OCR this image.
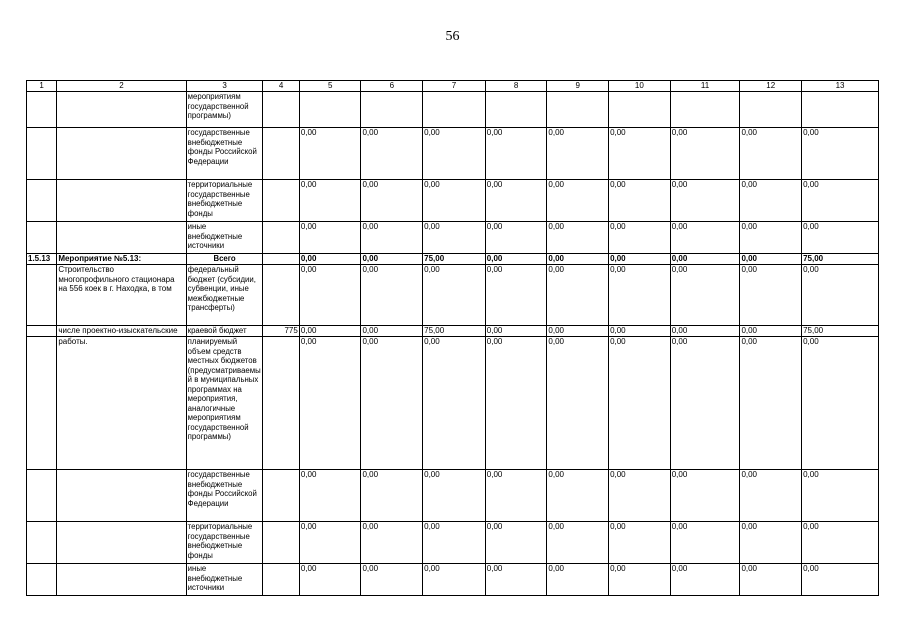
56
1	2	3	4	5	6	7	8	9	10	11	12	13
		мероприятиям государственной программы)										
		государственные внебюджетные фонды Российской Федерации		0,00	0,00	0,00	0,00	0,00	0,00	0,00	0,00	0,00
		территориальные государственные внебюджетные фонды		0,00	0,00	0,00	0,00	0,00	0,00	0,00	0,00	0,00
		иные внебюджетные источники		0,00	0,00	0,00	0,00	0,00	0,00	0,00	0,00	0,00
1.5.13	Мероприятие №5.13:	Всего		0,00	0,00	75,00	0,00	0,00	0,00	0,00	0,00	75,00
	Строительство многопрофильного стационара на 556 коек в г. Находка, в том	федеральный бюджет (субсидии, субвенции, иные межбюджетные трансферты)		0,00	0,00	0,00	0,00	0,00	0,00	0,00	0,00	0,00
	числе проектно-изыскательские	краевой бюджет	775	0,00	0,00	75,00	0,00	0,00	0,00	0,00	0,00	75,00
	работы.	планируемый объем средств местных бюджетов (предусматриваемый в муниципальных программах на мероприятия, аналогичные мероприятиям государственной программы)		0,00	0,00	0,00	0,00	0,00	0,00	0,00	0,00	0,00
		государственные внебюджетные фонды Российской Федерации		0,00	0,00	0,00	0,00	0,00	0,00	0,00	0,00	0,00
		территориальные государственные внебюджетные фонды		0,00	0,00	0,00	0,00	0,00	0,00	0,00	0,00	0,00
		иные внебюджетные источники		0,00	0,00	0,00	0,00	0,00	0,00	0,00	0,00	0,00
